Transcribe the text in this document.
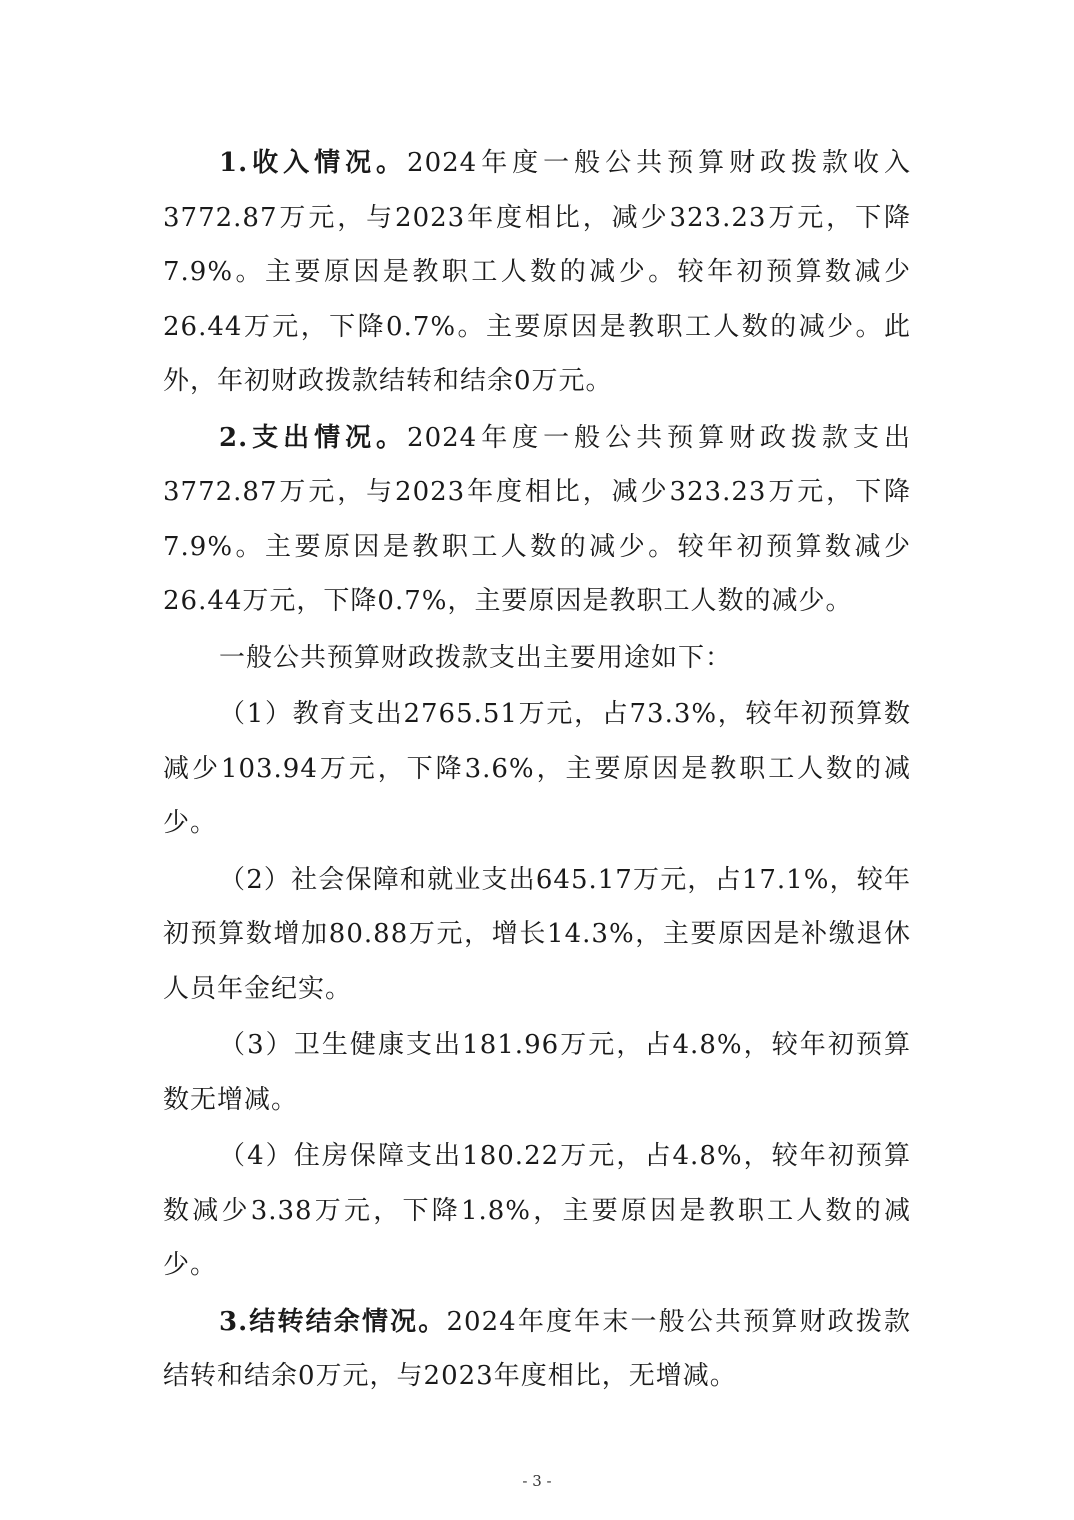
1.收入情况。2024年度一般公共预算财政拨款收入3772.87万元，与2023年度相比，减少323.23万元，下降7.9%。主要原因是教职工人数的减少。较年初预算数减少26.44万元，下降0.7%。主要原因是教职工人数的减少。此外，年初财政拨款结转和结余0万元。

2.支出情况。2024年度一般公共预算财政拨款支出3772.87万元，与2023年度相比，减少323.23万元，下降7.9%。主要原因是教职工人数的减少。较年初预算数减少26.44万元，下降0.7%，主要原因是教职工人数的减少。

一般公共预算财政拨款支出主要用途如下：

（1）教育支出2765.51万元，占73.3%，较年初预算数减少103.94万元，下降3.6%，主要原因是教职工人数的减少。

（2）社会保障和就业支出645.17万元，占17.1%，较年初预算数增加80.88万元，增长14.3%，主要原因是补缴退休人员年金纪实。

（3）卫生健康支出181.96万元，占4.8%，较年初预算数无增减。

（4）住房保障支出180.22万元，占4.8%，较年初预算数减少3.38万元，下降1.8%，主要原因是教职工人数的减少。

3.结转结余情况。2024年度年末一般公共预算财政拨款结转和结余0万元，与2023年度相比，无增减。

- 3 -
